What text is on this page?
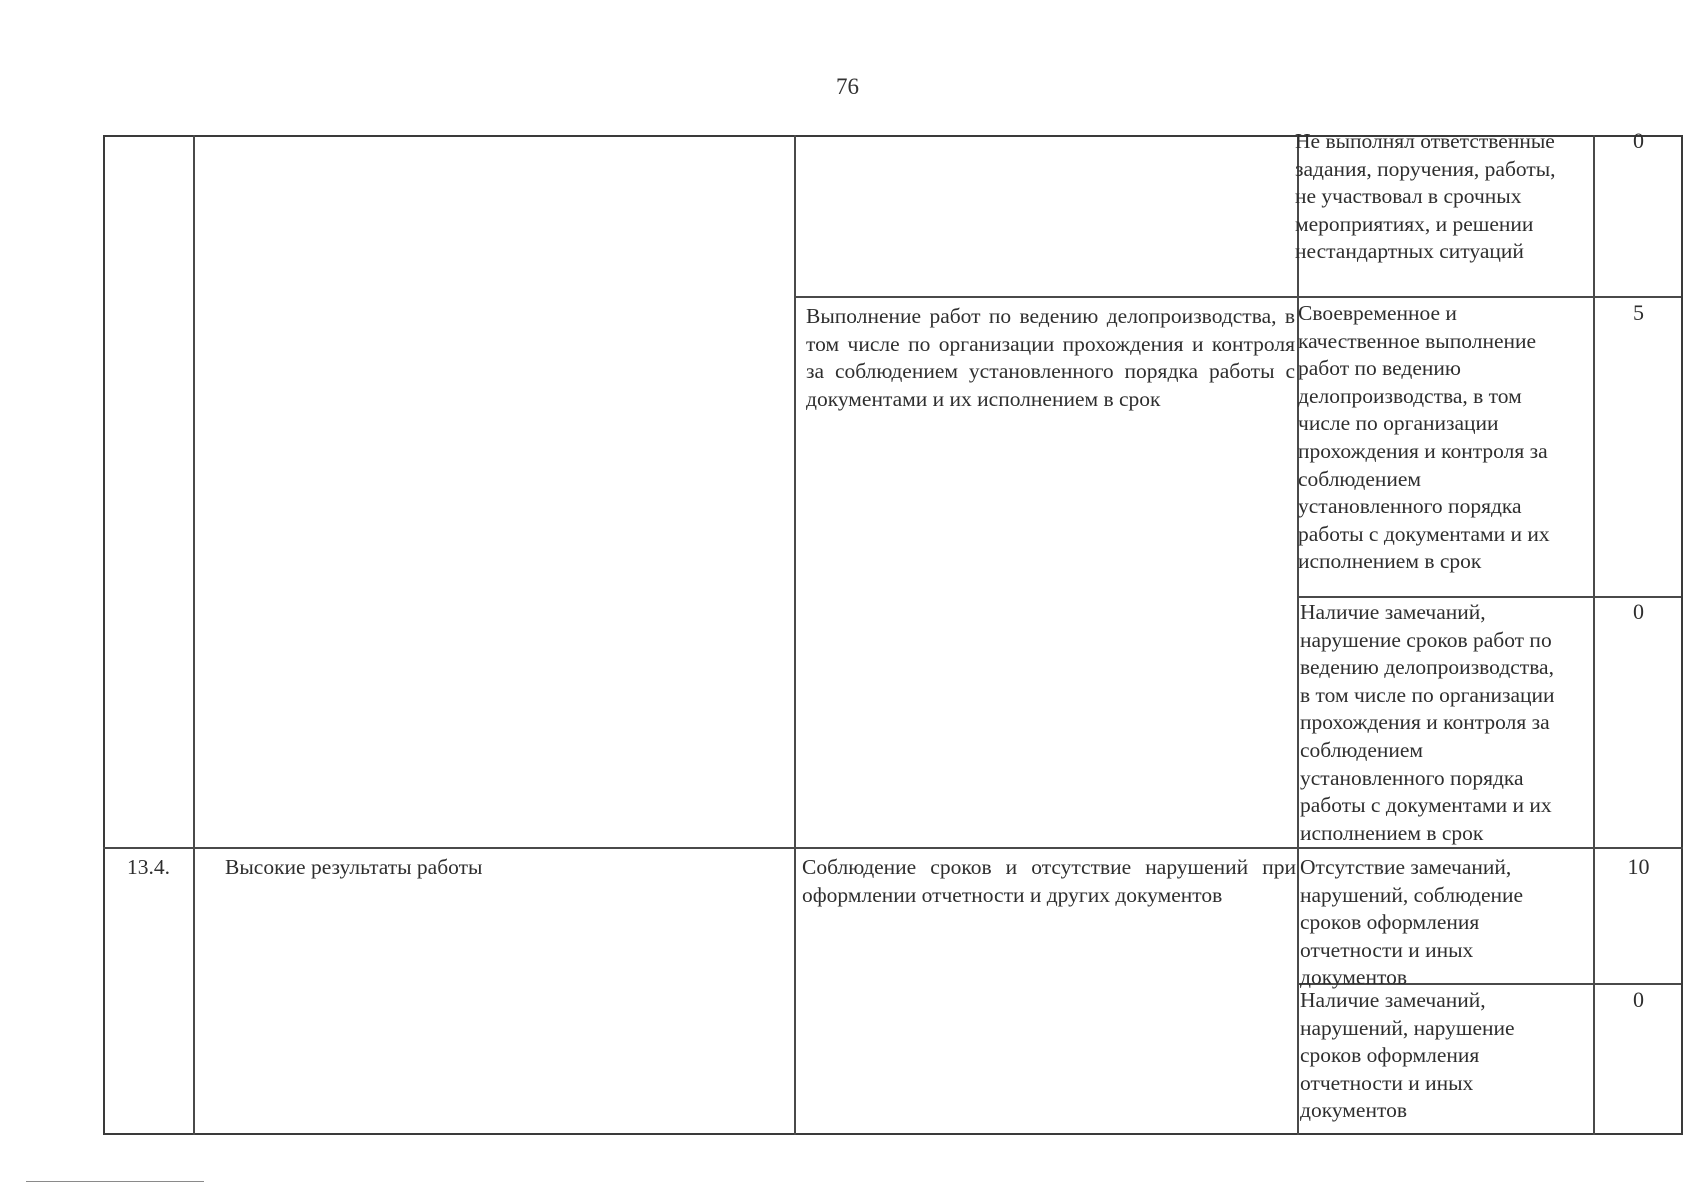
76

Не выполнял ответственные
задания, поручения, работы,
не участвовал в срочных
мероприятиях, и решении
нестандартных ситуаций

0

Выполнение работ по ведению делопроизводства, в том числе по организации прохождения и контроля за соблюдением установленного порядка работы с документами и их исполнением в срок

Своевременное и
качественное выполнение
работ по ведению
делопроизводства, в том
числе по организации
прохождения и контроля за
соблюдением
установленного порядка
работы с документами и их
исполнением в срок

5

Наличие замечаний,
нарушение сроков работ по
ведению делопроизводства,
в том числе по организации
прохождения и контроля за
соблюдением
установленного порядка
работы с документами и их
исполнением в срок

0
13.4.	Высокие результаты работы	Соблюдение сроков и отсутствие нарушений при оформлении отчетности и других документов

Отсутствие замечаний,
нарушений, соблюдение
сроков оформления
отчетности и иных
документов

10

Наличие замечаний,
нарушений, нарушение
сроков оформления
отчетности и иных
документов

0
